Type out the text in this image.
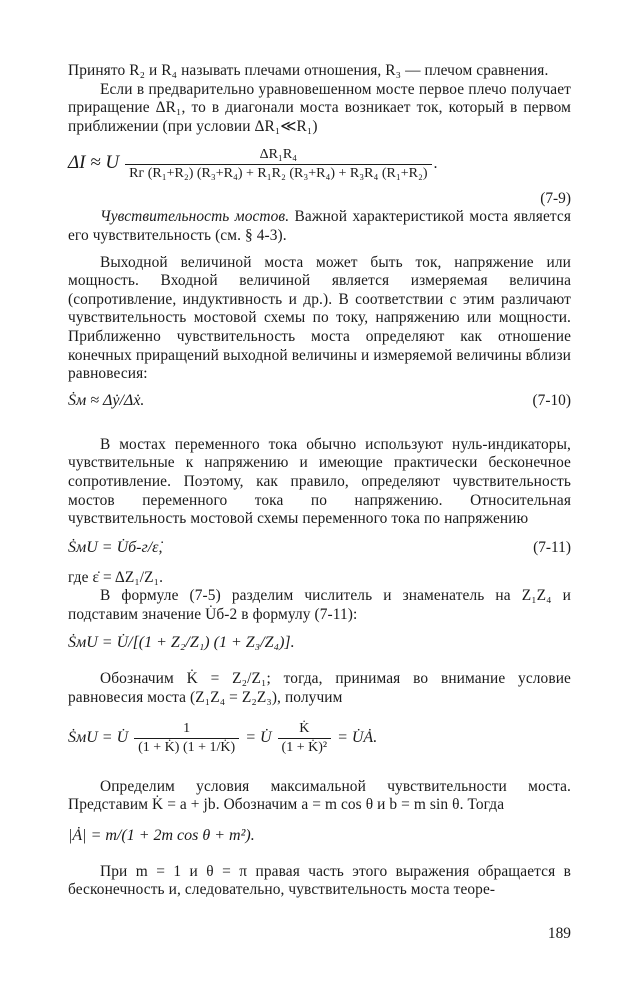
Принято R₂ и R₄ называть плечами отношения, R₃ — плечом сравнения.

Если в предварительно уравновешенном мосте первое плечо получает приращение ΔR₁, то в диагонали моста возникает ток, который в первом приближении (при условии ΔR₁≪R₁)

ΔI ≈ U $\frac{\text{ΔR₁R₄}}{\text{Rг (R₁+R₂) (R₃+R₄) + R₁R₂ (R₃+R₄) + R₃R₄ (R₁+R₂)}}$ .
(7-9)

Чувствительность мостов. Важной характеристикой моста является его чувствительность (см. § 4-3).

Выходной величиной моста может быть ток, напряжение или мощность. Входной величиной является измеряемая величина (сопротивление, индуктивность и др.). В соответствии с этим различают чувствительность мостовой схемы по току, напряжению или мощности. Приближенно чувствительность моста определяют как отношение конечных приращений выходной величины и измеряемой величины вблизи равновесия:

Ṡм ≈ Δẏ/Δẋ.	(7-10)

В мостах переменного тока обычно используют нуль-индикаторы, чувствительные к напряжению и имеющие практически бесконечное сопротивление. Поэтому, как правило, определяют чувствительность мостов переменного тока по напряжению. Относительная чувствительность мостовой схемы переменного тока по напряжению

ṠмU = U̇б-г/ε̇,	(7-11)

где ε̇ = ΔZ₁/Z₁.

В формуле (7-5) разделим числитель и знаменатель на Z₁Z₄ и подставим значение U̇б-2 в формулу (7-11):

ṠмU = U̇/[(1 + Z₂/Z₁) (1 + Z₃/Z₄)].

Обозначим K̇ = Z₂/Z₁; тогда, принимая во внимание условие равновесия моста (Z₁Z₄ = Z₂Z₃), получим

ṠмU = U̇ $\frac{1}{(1 + K̇) (1 + 1/K̇)}$ = U̇ $\frac{K̇}{\text{(1 + K̇)²}}$ = U̇Ȧ.

Определим условия максимальной чувствительности моста. Представим K̇ = a + jb. Обозначим a = m cos θ и b = m sin θ. Тогда

|Ȧ| = m/(1 + 2m cos θ + m²).

При m = 1 и θ = π правая часть этого выражения обращается в бесконечность и, следовательно, чувствительность моста теоре-

189
